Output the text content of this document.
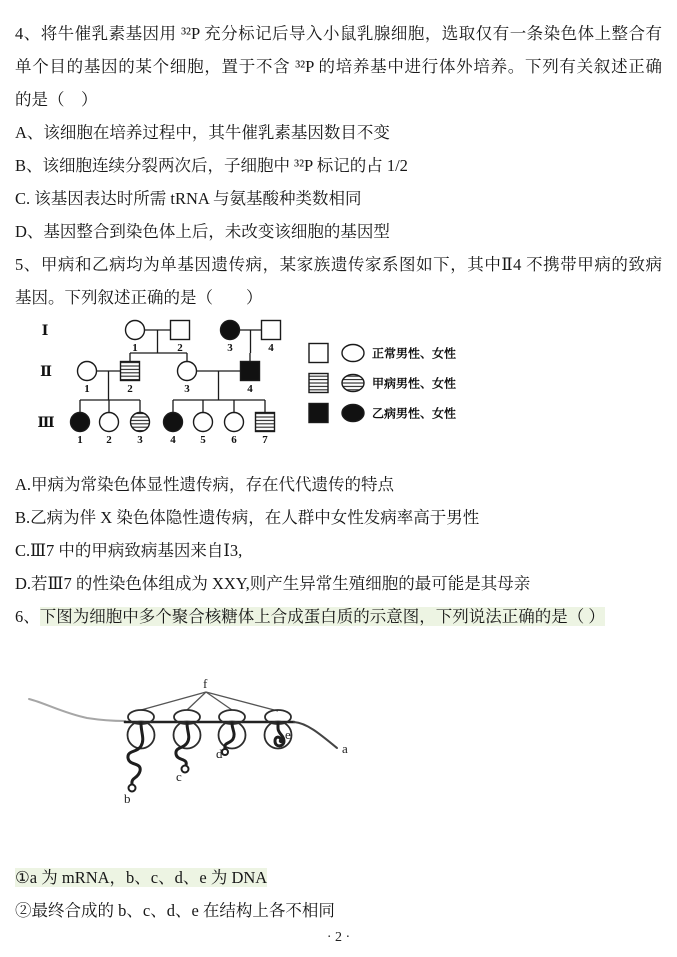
4、将牛催乳素基因用 ³²P 充分标记后导入小鼠乳腺细胞，选取仅有一条染色体上整合有
单个目的基因的某个细胞，置于不含 ³²P 的培养基中进行体外培养。下列有关叙述正确
的是（　）
A、该细胞在培养过程中，其牛催乳素基因数目不变
B、该细胞连续分裂两次后，子细胞中 ³²P 标记的占 1/2
C. 该基因表达时所需 tRNA 与氨基酸种类数相同
D、基因整合到染色体上后，未改变该细胞的基因型
5、甲病和乙病均为单基因遗传病，某家族遗传家系图如下，其中Ⅱ4 不携带甲病的致病
基因。下列叙述正确的是（　　）
1	2	3	4
1	2	3	4
1 2 3	4 5 6 7
Ⅰ
Ⅱ
Ⅲ
正常男性、女性
甲病男性、女性
乙病男性、女性
A.甲病为常染色体显性遗传病，存在代代遗传的特点
B.乙病为伴 X 染色体隐性遗传病，在人群中女性发病率高于男性
C.Ⅲ7 中的甲病致病基因来自Ⅰ3,
D.若Ⅲ7 的性染色体组成为 XXY,则产生异常生殖细胞的最可能是其母亲
6、下图为细胞中多个聚合核糖体上合成蛋白质的示意图，下列说法正确的是（ ）
f
a
b
c
d
e
①a 为 mRNA，b、c、d、e 为 DNA
②最终合成的 b、c、d、e 在结构上各不相同
· 2 ·
